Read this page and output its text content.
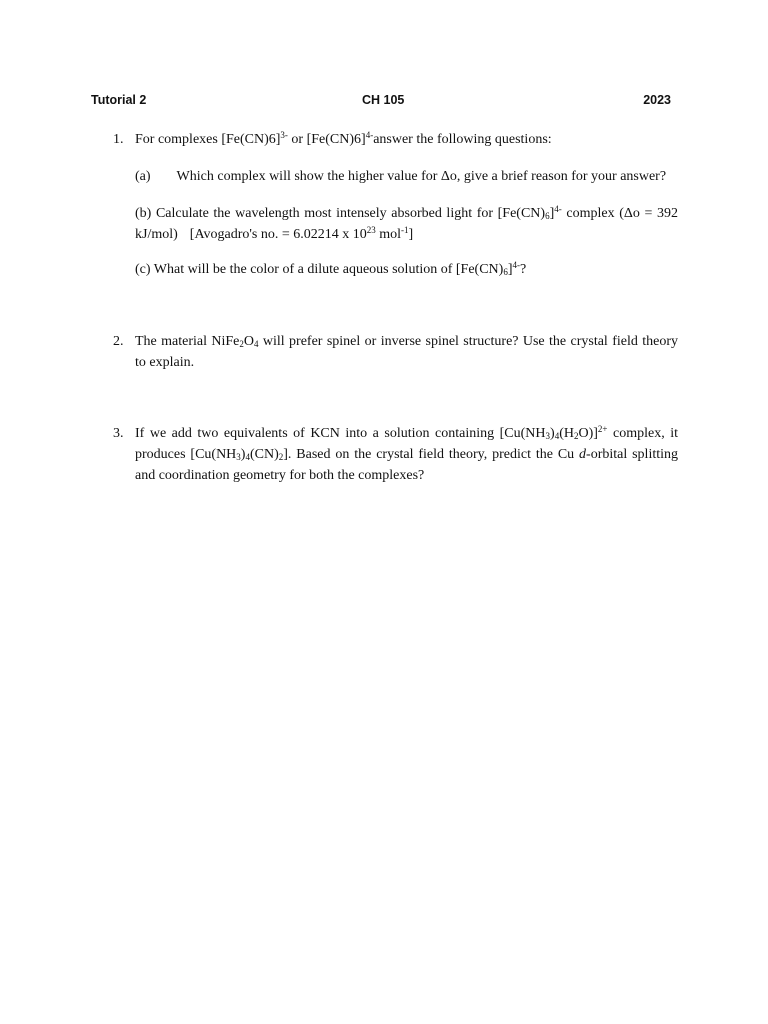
Tutorial 2	CH 105	2023
1. For complexes $[Fe(CN)6]^{3-}$ or $[Fe(CN)6]^{4-}answer$ the following questions:
(a) Which complex will show the higher value for Δo, give a brief reason for your answer?
(b) Calculate the wavelength most intensely absorbed light for $[Fe(CN)6]^{4-}$ complex (Δo = 392 kJ/mol) [Avogadro's no. = 6.02214 x $10^{23}$ mol$^{-1}$]
(c) What will be the color of a dilute aqueous solution of $[Fe(CN)6]^{4-}$?
2. The material NiFe2O4 will prefer spinel or inverse spinel structure? Use the crystal field theory to explain.
3. If we add two equivalents of KCN into a solution containing $[Cu(NH3)4(H2O)]^{2+}$ complex, it produces [Cu(NH3)4(CN)2]. Based on the crystal field theory, predict the Cu d-orbital splitting and coordination geometry for both the complexes?
